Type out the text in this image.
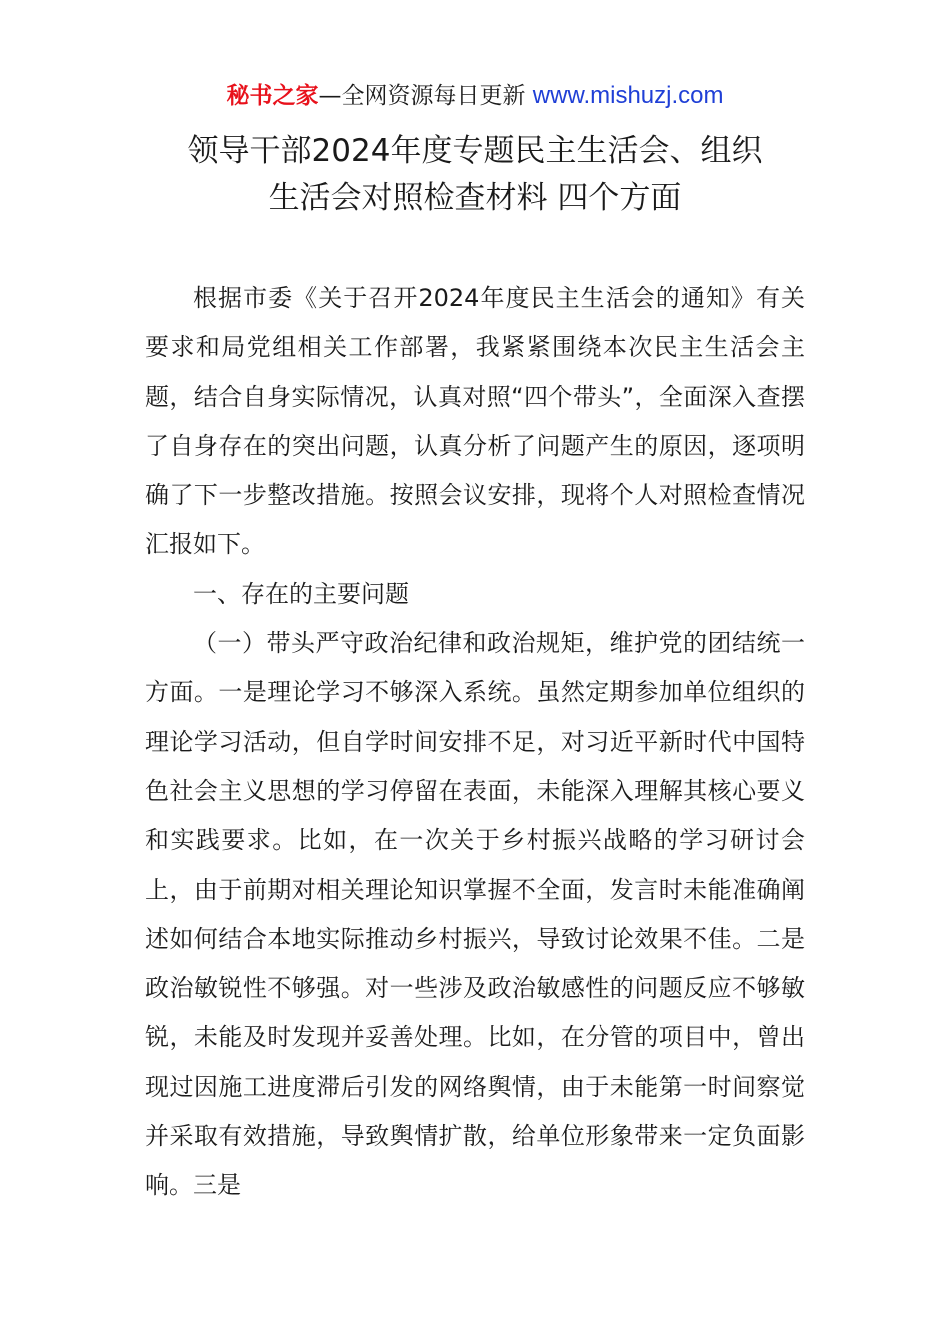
秘书之家—全网资源每日更新 www.mishuzj.com
领导干部2024年度专题民主生活会、组织
生活会对照检查材料 四个方面

根据市委《关于召开2024年度民主生活会的通知》有关要求和局党组相关工作部署，我紧紧围绕本次民主生活会主题，结合自身实际情况，认真对照“四个带头”，全面深入查摆了自身存在的突出问题，认真分析了问题产生的原因，逐项明确了下一步整改措施。按照会议安排，现将个人对照检查情况汇报如下。

一、存在的主要问题

（一）带头严守政治纪律和政治规矩，维护党的团结统一方面。一是理论学习不够深入系统。虽然定期参加单位组织的理论学习活动，但自学时间安排不足，对习近平新时代中国特色社会主义思想的学习停留在表面，未能深入理解其核心要义和实践要求。比如，在一次关于乡村振兴战略的学习研讨会上，由于前期对相关理论知识掌握不全面，发言时未能准确阐述如何结合本地实际推动乡村振兴，导致讨论效果不佳。二是政治敏锐性不够强。对一些涉及政治敏感性的问题反应不够敏锐，未能及时发现并妥善处理。比如，在分管的项目中，曾出现过因施工进度滞后引发的网络舆情，由于未能第一时间察觉并采取有效措施，导致舆情扩散，给单位形象带来一定负面影响。三是
